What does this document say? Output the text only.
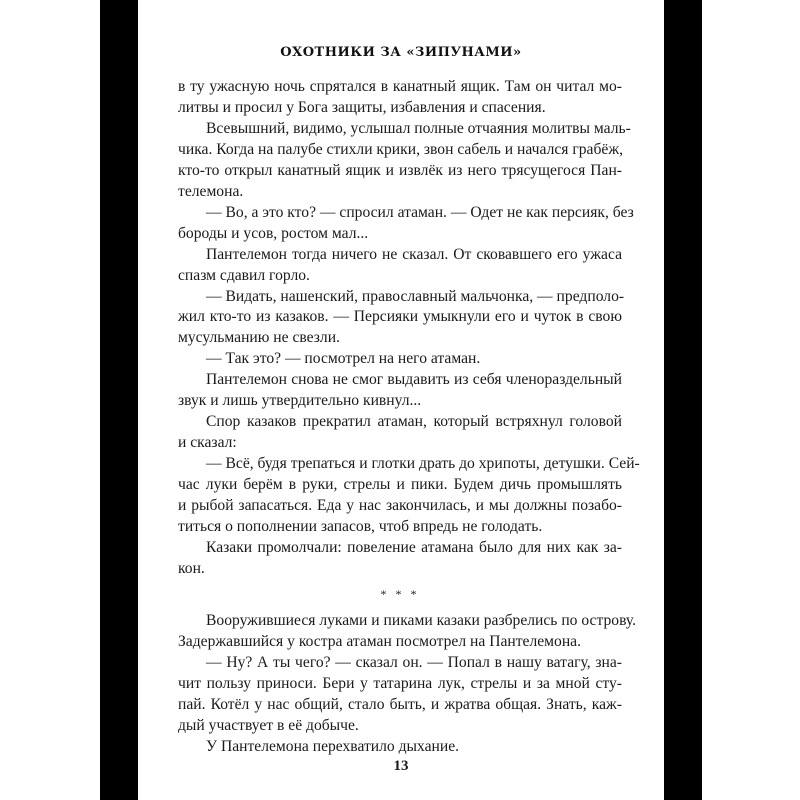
ОХОТНИКИ ЗА «ЗИПУНАМИ»
в ту ужасную ночь спрятался в канатный ящик. Там он читал мо-
литвы и просил у Бога защиты, избавления и спасения.
Всевышний, видимо, услышал полные отчаяния молитвы маль-
чика. Когда на палубе стихли крики, звон сабель и начался грабёж,
кто-то открыл канатный ящик и извлёк из него трясущегося Пан-
телемона.
— Во, а это кто? — спросил атаман. — Одет не как персияк, без
бороды и усов, ростом мал...
Пантелемон тогда ничего не сказал. От сковавшего его ужаса
спазм сдавил горло.
— Видать, нашенский, православный мальчонка, — предполо-
жил кто-то из казаков. — Персияки умыкнули его и чуток в свою
мусульманию не свезли.
— Так это? — посмотрел на него атаман.
Пантелемон снова не смог выдавить из себя членораздельный
звук и лишь утвердительно кивнул...
Спор казаков прекратил атаман, который встряхнул головой
и сказал:
— Всё, будя трепаться и глотки драть до хрипоты, детушки. Сей-
час луки берём в руки, стрелы и пики. Будем дичь промышлять
и рыбой запасаться. Еда у нас закончилась, и мы должны позабо-
титься о пополнении запасов, чтоб впредь не голодать.
Казаки промолчали: повеление атамана было для них как за-
кон.
* * *
Вооружившиеся луками и пиками казаки разбрелись по острову.
Задержавшийся у костра атаман посмотрел на Пантелемона.
— Ну? А ты чего? — сказал он. — Попал в нашу ватагу, зна-
чит пользу приноси. Бери у татарина лук, стрелы и за мной сту-
пай. Котёл у нас общий, стало быть, и жратва общая. Знать, каж-
дый участвует в её добыче.
У Пантелемона перехватило дыхание.
13
